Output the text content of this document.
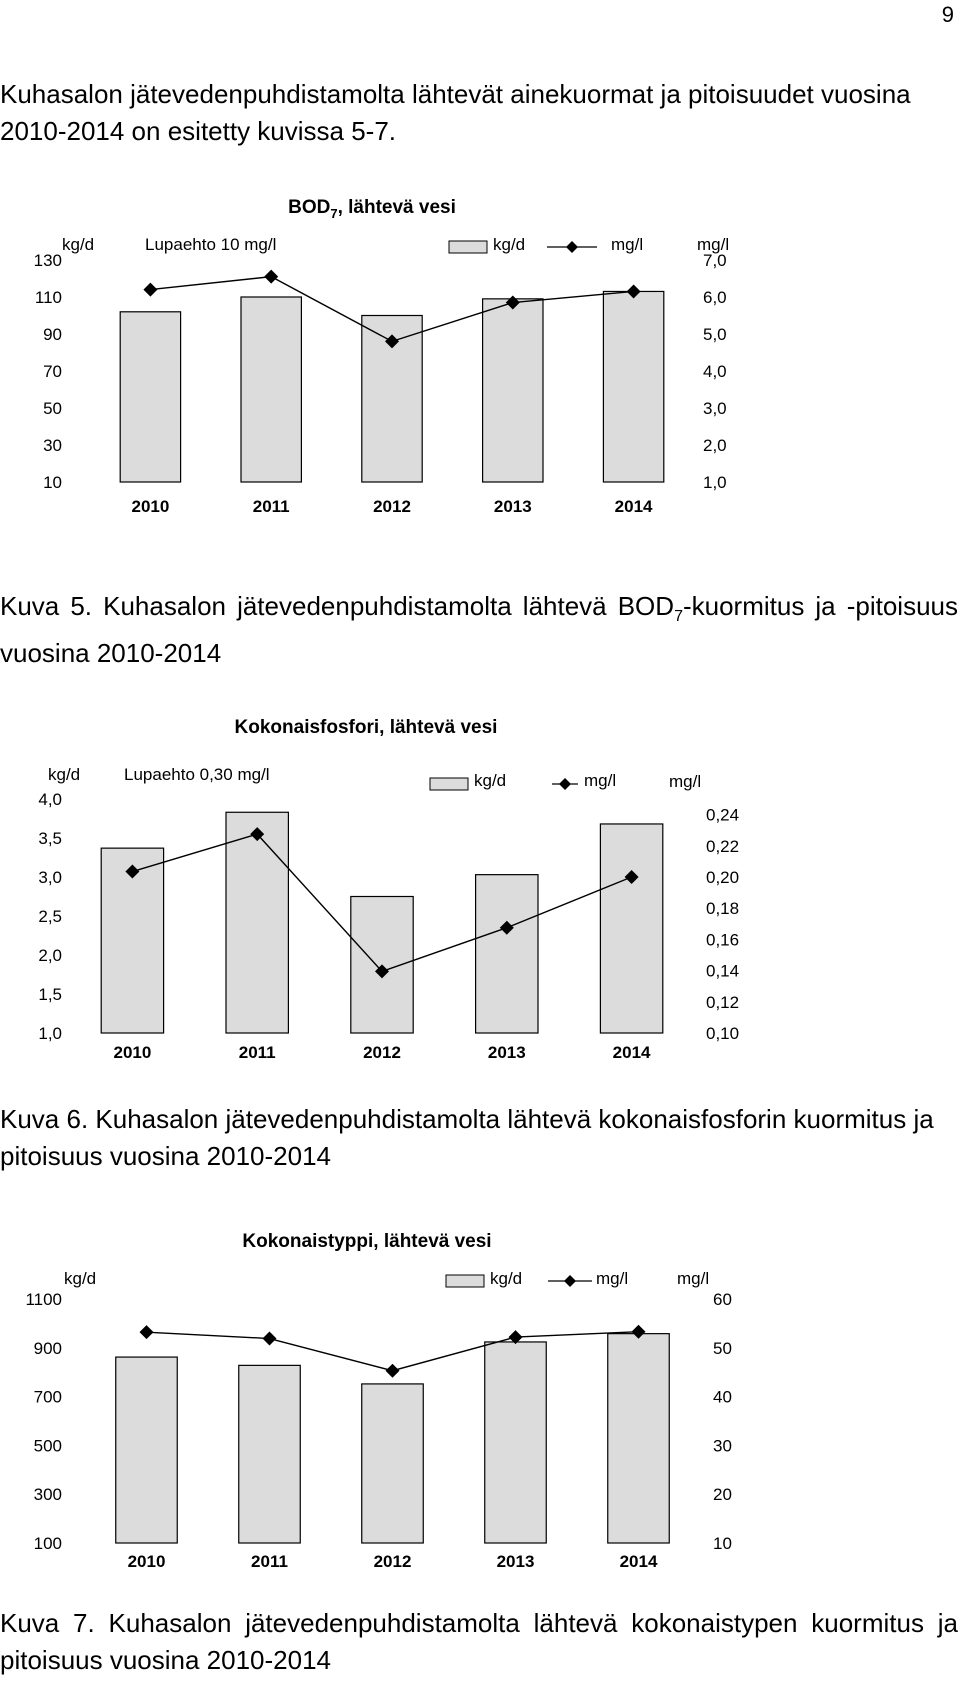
9

Kuhasalon jätevedenpuhdistamolta lähtevät ainekuormat ja pitoisuudet vuosina 2010-2014 on esitetty kuvissa 5-7.

$BOD_7$, lähtevä vesi
kg/d	mg/l
Lupaehto 10 mg/l	kg/d	mg/l
130
110
90
70
50
30
10
7,0
6,0
5,0
4,0
3,0
2,0
1,0
2010	2011	2012	2013	2014

Kuva 5. Kuhasalon jätevedenpuhdistamolta lähtevä $BOD_7$-kuormitus ja -pitoisuus vuosina 2010-2014

Kokonaisfosfori, lähtevä vesi
kg/d	mg/l
Lupaehto 0,30 mg/l	kg/d	mg/l
4,0
3,5
3,0
2,5
2,0
1,5
1,0
0,24
0,22
0,20
0,18
0,16
0,14
0,12
0,10
2010	2011	2012	2013	2014

Kuva 6. Kuhasalon jätevedenpuhdistamolta lähtevä kokonaisfosforin kuormitus ja pitoisuus vuosina 2010-2014

Kokonaistyppi, lähtevä vesi
kg/d	mg/l
kg/d	mg/l
1100
900
700
500
300
100
60
50
40
30
20
10
2010	2011	2012	2013	2014

Kuva 7. Kuhasalon jätevedenpuhdistamolta lähtevä kokonaistypen kuormitus ja pitoisuus vuosina 2010-2014
